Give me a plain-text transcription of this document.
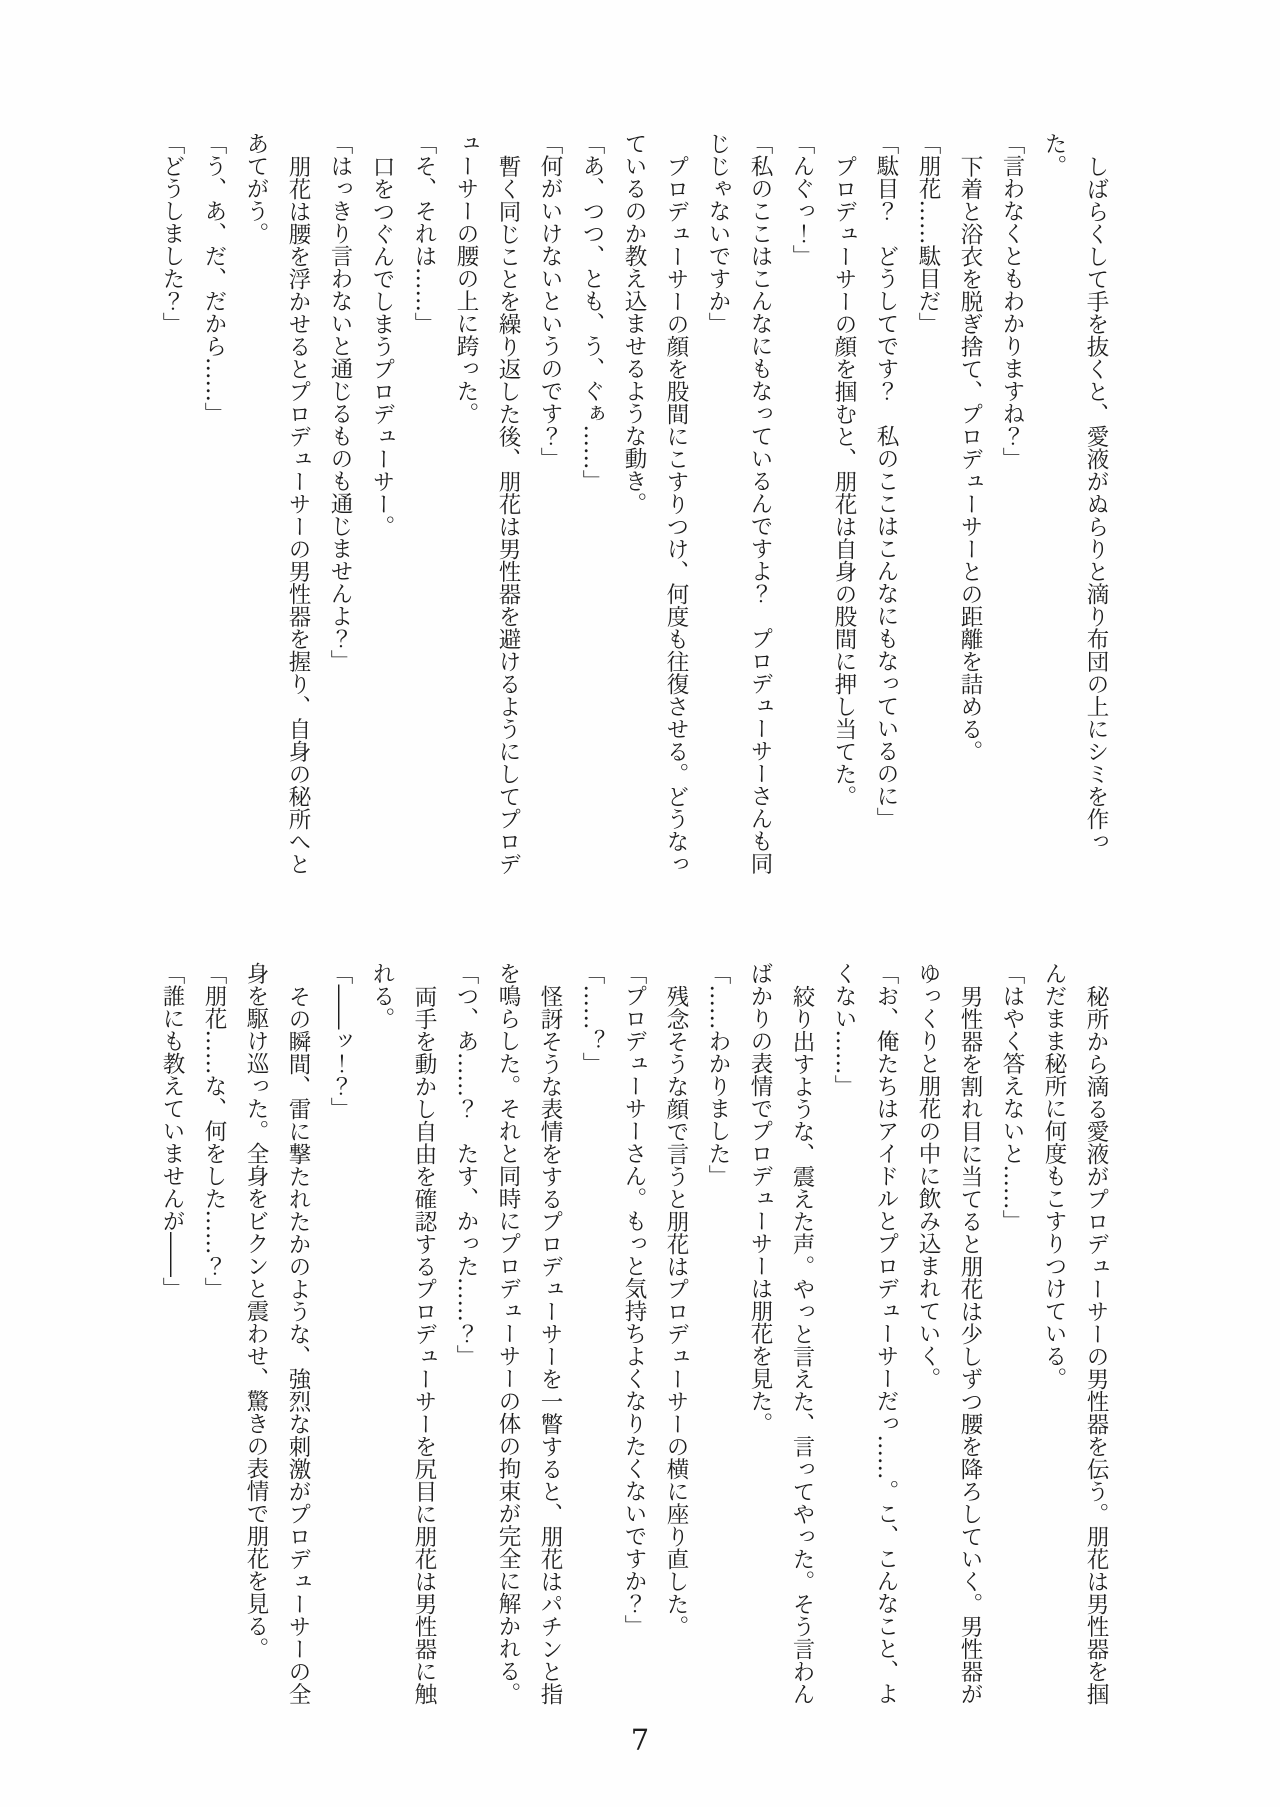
しばらくして手を抜くと、愛液がぬらりと滴り布団の上にシミを作った。

「言わなくともわかりますね？」

下着と浴衣を脱ぎ捨て、プロデューサーとの距離を詰める。

「朋花……駄目だ」

「駄目？　どうしてです？　私のここはこんなにもなっているのに」

プロデューサーの顔を掴むと、朋花は自身の股間に押し当てた。

「んぐっ！」

「私のここはこんなにもなっているんですよ？　プロデューサーさんも同じじゃないですか」

プロデューサーの顔を股間にこすりつけ、何度も往復させる。どうなっているのか教え込ませるような動き。

「あ、つつ、とも、う、ぐぁ……」

「何がいけないというのです？」

暫く同じことを繰り返した後、朋花は男性器を避けるようにしてプロデューサーの腰の上に跨った。

「そ、それは……」

口をつぐんでしまうプロデューサー。

「はっきり言わないと通じるものも通じませんよ？」

朋花は腰を浮かせるとプロデューサーの男性器を握り、自身の秘所へとあてがう。

「う、あ、だ、だから……」

「どうしました？」

秘所から滴る愛液がプロデューサーの男性器を伝う。朋花は男性器を掴んだまま秘所に何度もこすりつけている。

「はやく答えないと……」

男性器を割れ目に当てると朋花は少しずつ腰を降ろしていく。男性器がゆっくりと朋花の中に飲み込まれていく。

「お、俺たちはアイドルとプロデューサーだっ……。こ、こんなこと、よくない……」

絞り出すような、震えた声。やっと言えた、言ってやった。そう言わんばかりの表情でプロデューサーは朋花を見た。

「……わかりました」

残念そうな顔で言うと朋花はプロデューサーの横に座り直した。

「プロデューサーさん。もっと気持ちよくなりたくないですか？」

「……？」

怪訝そうな表情をするプロデューサーを一瞥すると、朋花はパチンと指を鳴らした。それと同時にプロデューサーの体の拘束が完全に解かれる。

「つ、あ……？　たす、かった……？」

両手を動かし自由を確認するプロデューサーを尻目に朋花は男性器に触れる。

「――ッ！？」

その瞬間、雷に撃たれたかのような、強烈な刺激がプロデューサーの全身を駆け巡った。全身をビクンと震わせ、驚きの表情で朋花を見る。

「朋花……な、何をした……？」

「誰にも教えていませんが――」

7
